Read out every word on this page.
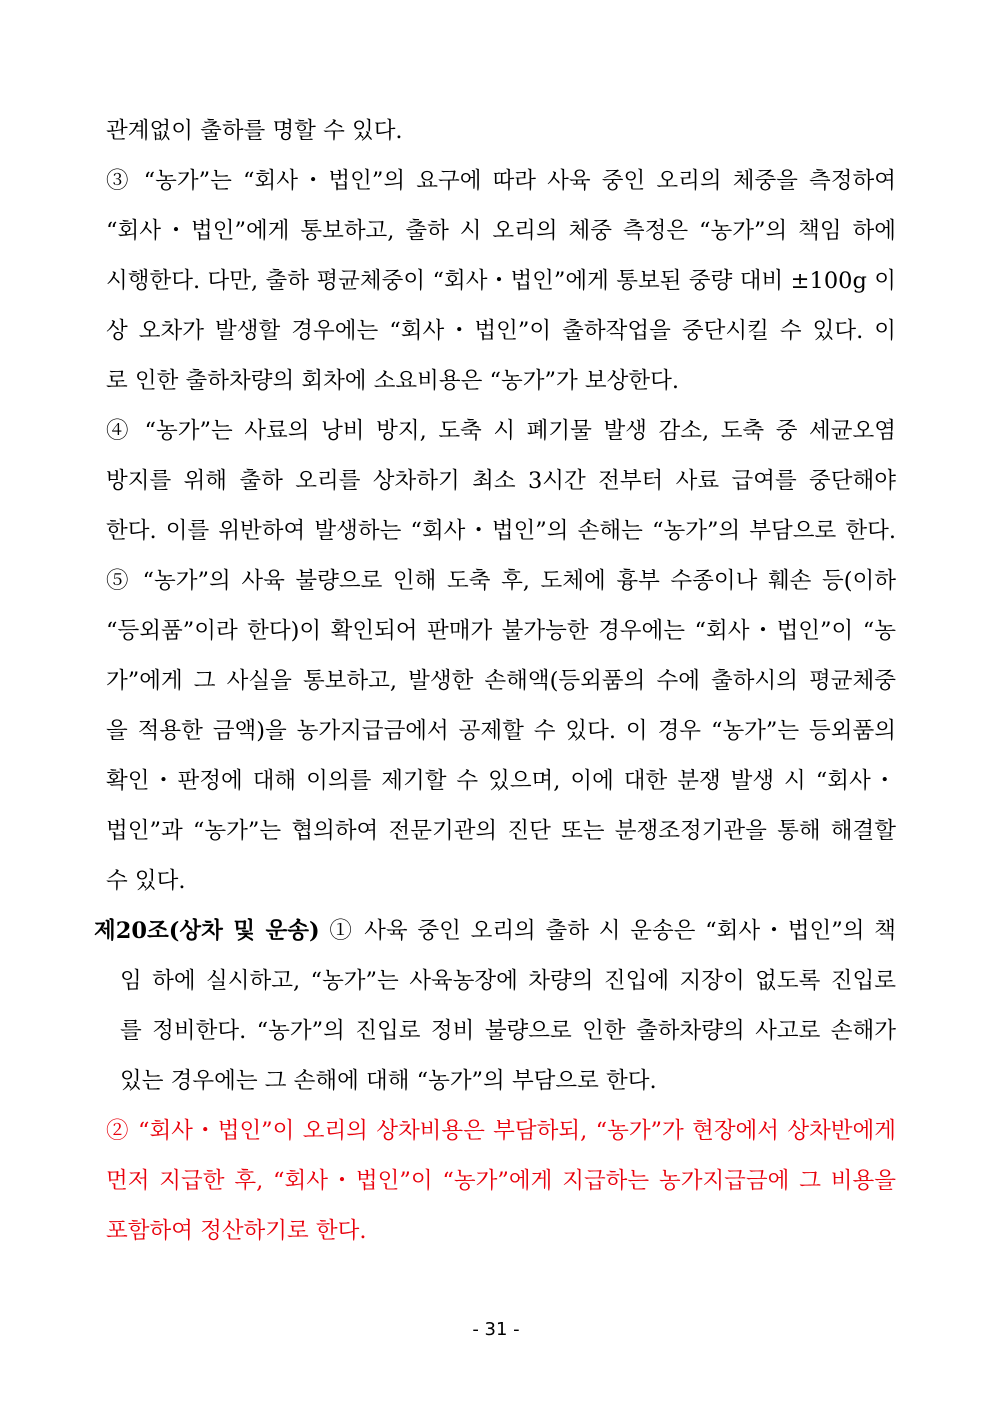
관계없이 출하를 명할 수 있다.
③ “농가”는 “회사・법인”의 요구에 따라 사육 중인 오리의 체중을 측정하여
“회사・법인”에게 통보하고, 출하 시 오리의 체중 측정은 “농가”의 책임 하에
시행한다. 다만, 출하 평균체중이 “회사・법인”에게 통보된 중량 대비 ±100g 이
상 오차가 발생할 경우에는 “회사・법인”이 출하작업을 중단시킬 수 있다. 이
로 인한 출하차량의 회차에 소요비용은 “농가”가 보상한다.
④ “농가”는 사료의 낭비 방지, 도축 시 폐기물 발생 감소, 도축 중 세균오염
방지를 위해 출하 오리를 상차하기 최소 3시간 전부터 사료 급여를 중단해야
한다. 이를 위반하여 발생하는 “회사・법인”의 손해는 “농가”의 부담으로 한다.
⑤ “농가”의 사육 불량으로 인해 도축 후, 도체에 흉부 수종이나 훼손 등(이하
“등외품”이라 한다)이 확인되어 판매가 불가능한 경우에는 “회사・법인”이 “농
가”에게 그 사실을 통보하고, 발생한 손해액(등외품의 수에 출하시의 평균체중
을 적용한 금액)을 농가지급금에서 공제할 수 있다. 이 경우 “농가”는 등외품의
확인・판정에 대해 이의를 제기할 수 있으며, 이에 대한 분쟁 발생 시 “회사・
법인”과 “농가”는 협의하여 전문기관의 진단 또는 분쟁조정기관을 통해 해결할
수 있다.
제20조(상차 및 운송) ① 사육 중인 오리의 출하 시 운송은 “회사・법인”의 책
임 하에 실시하고, “농가”는 사육농장에 차량의 진입에 지장이 없도록 진입로
를 정비한다. “농가”의 진입로 정비 불량으로 인한 출하차량의 사고로 손해가
있는 경우에는 그 손해에 대해 “농가”의 부담으로 한다.
② “회사・법인”이 오리의 상차비용은 부담하되, “농가”가 현장에서 상차반에게
먼저 지급한 후, “회사・법인”이 “농가”에게 지급하는 농가지급금에 그 비용을
포함하여 정산하기로 한다.
- 31 -
